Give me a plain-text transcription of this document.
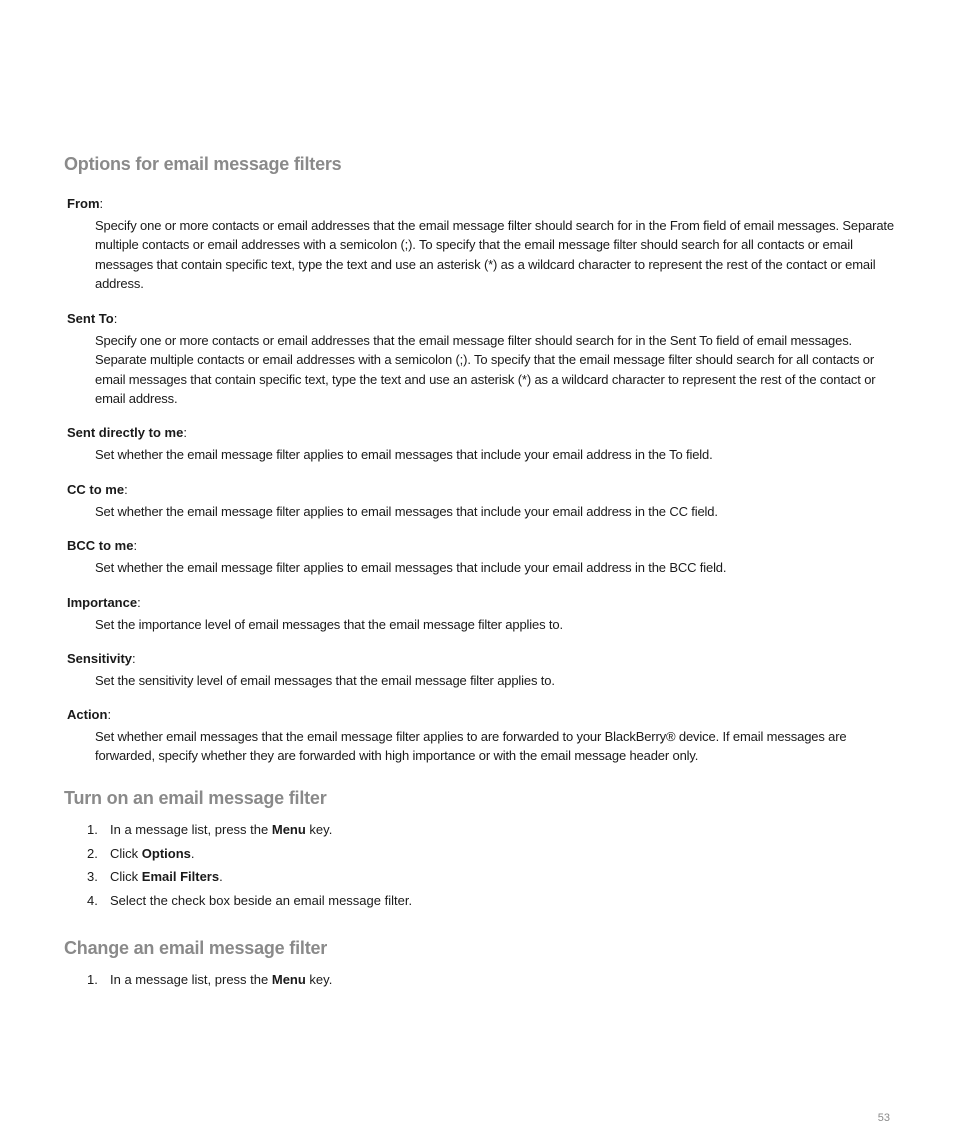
Options for email message filters

From:

Specify one or more contacts or email addresses that the email message filter should search for in the From field of email messages. Separate multiple contacts or email addresses with a semicolon (;). To specify that the email message filter should search for all contacts or email messages that contain specific text, type the text and use an asterisk (*) as a wildcard character to represent the rest of the contact or email address.

Sent To:

Specify one or more contacts or email addresses that the email message filter should search for in the Sent To field of email messages. Separate multiple contacts or email addresses with a semicolon (;). To specify that the email message filter should search for all contacts or email messages that contain specific text, type the text and use an asterisk (*) as a wildcard character to represent the rest of the contact or email address.

Sent directly to me:

Set whether the email message filter applies to email messages that include your email address in the To field.

CC to me:

Set whether the email message filter applies to email messages that include your email address in the CC field.

BCC to me:

Set whether the email message filter applies to email messages that include your email address in the BCC field.

Importance:

Set the importance level of email messages that the email message filter applies to.

Sensitivity:

Set the sensitivity level of email messages that the email message filter applies to.

Action:

Set whether email messages that the email message filter applies to are forwarded to your BlackBerry® device. If email messages are forwarded, specify whether they are forwarded with high importance or with the email message header only.

Turn on an email message filter

1. In a message list, press the Menu key.

2. Click Options.

3. Click Email Filters.

4. Select the check box beside an email message filter.

Change an email message filter

1. In a message list, press the Menu key.

53
